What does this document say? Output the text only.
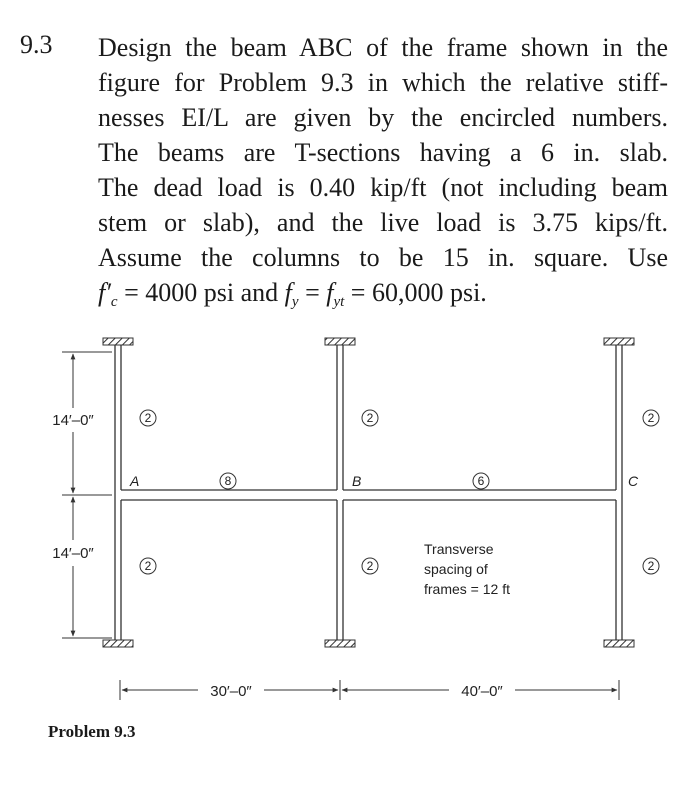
9.3 Design the beam ABC of the frame shown in the
figure for Problem 9.3 in which the relative stiff-
nesses EI/L are given by the encircled numbers.
The beams are T-sections having a 6 in. slab.
The dead load is 0.40 kip/ft (not including beam
stem or slab), and the live load is 3.75 kips/ft.
Assume the columns to be 15 in. square. Use
$f'_c = 4000$ psi and $f_y = f_{yt} = 60,000$ psi.
14′–0″
14′–0″
30′–0″	40′–0″
A	B	C
2	2	2
8	6
2	2	2
Transverse
spacing of
frames = 12 ft
Problem 9.3
